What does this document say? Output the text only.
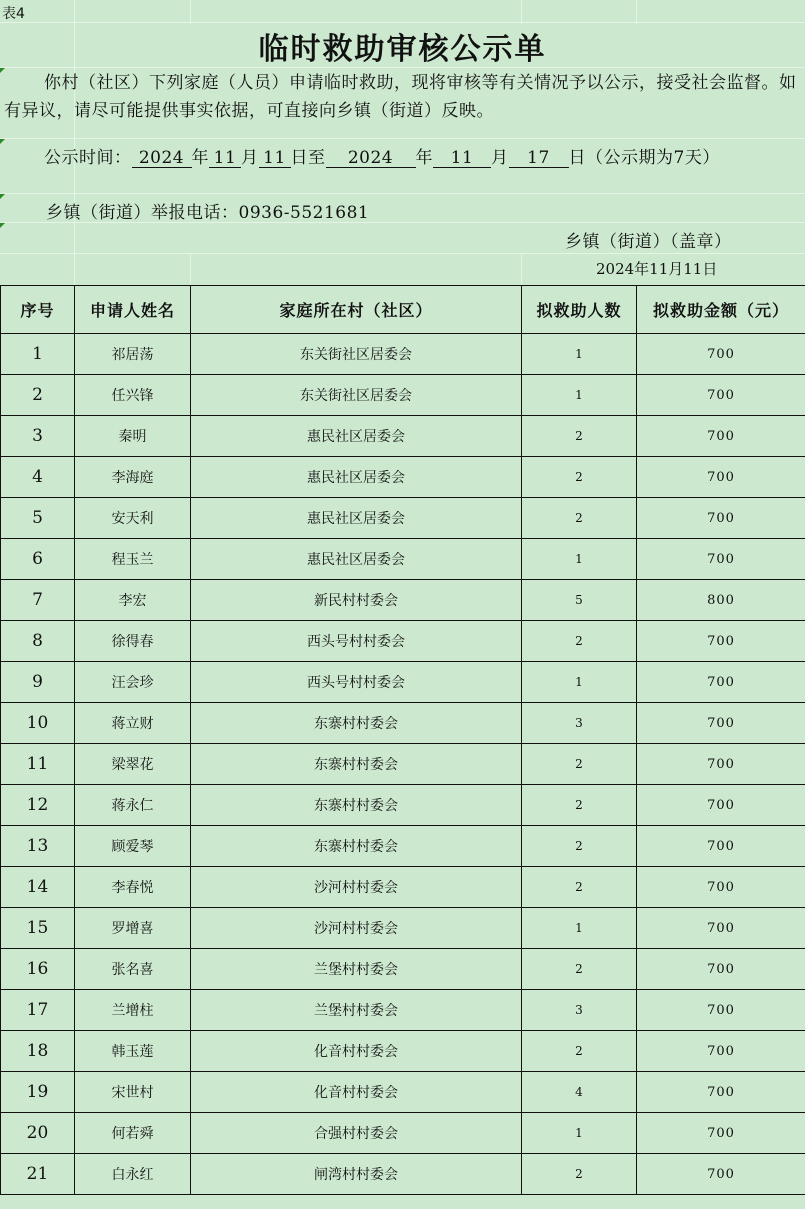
表4
临时救助审核公示单
你村（社区）下列家庭（人员）申请临时救助，现将审核等有关情况予以公示，接受社会监督。如有异议，请尽可能提供事实依据，可直接向乡镇（街道）反映。
公示时间： 2024 年 11 月 11 日至 2024 年 11 月 17 日（公示期为7天）
乡镇（街道）举报电话：0936-5521681
乡镇（街道）（盖章）
2024年11月11日
序号	申请人姓名	家庭所在村（社区）	拟救助人数	拟救助金额（元）
1	祁居荡	东关街社区居委会	1	700
2	任兴锋	东关街社区居委会	1	700
3	秦明	惠民社区居委会	2	700
4	李海庭	惠民社区居委会	2	700
5	安天利	惠民社区居委会	2	700
6	程玉兰	惠民社区居委会	1	700
7	李宏	新民村村委会	5	800
8	徐得春	西头号村村委会	2	700
9	汪会珍	西头号村村委会	1	700
10	蒋立财	东寨村村委会	3	700
11	梁翠花	东寨村村委会	2	700
12	蒋永仁	东寨村村委会	2	700
13	顾爱琴	东寨村村委会	2	700
14	李春悦	沙河村村委会	2	700
15	罗增喜	沙河村村委会	1	700
16	张名喜	兰堡村村委会	2	700
17	兰增柱	兰堡村村委会	3	700
18	韩玉莲	化音村村委会	2	700
19	宋世村	化音村村委会	4	700
20	何若舜	合强村村委会	1	700
21	白永红	闸湾村村委会	2	700
